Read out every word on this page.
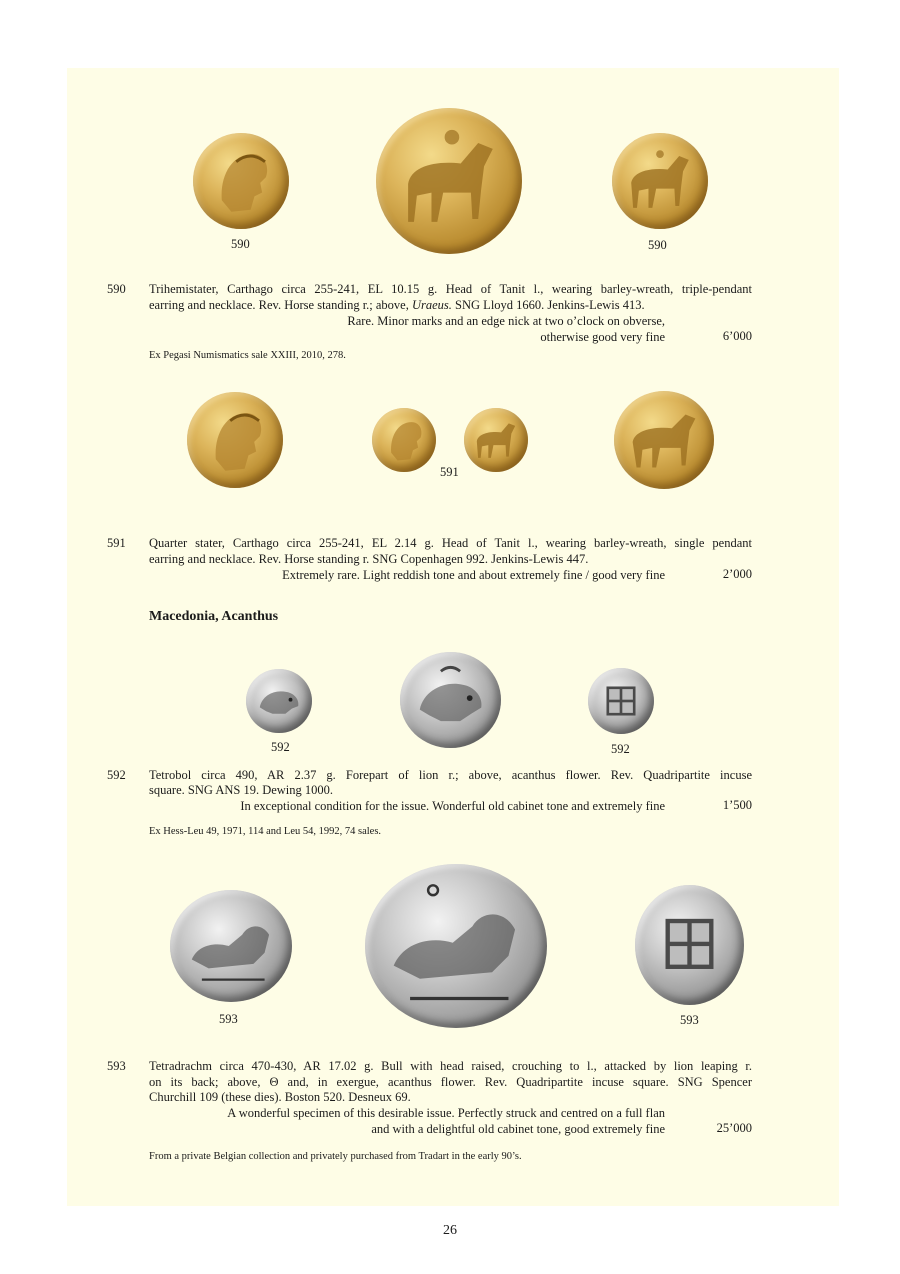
590	590
590 Trihemistater, Carthago circa 255-241, EL 10.15 g. Head of Tanit l., wearing barley-wreath, triple-pendant
earring and necklace. Rev. Horse standing r.; above, Uraeus. SNG Lloyd 1660. Jenkins-Lewis 413.
Rare. Minor marks and an edge nick at two o’clock on obverse,
otherwise good very fine	6’000
Ex Pegasi Numismatics sale XXIII, 2010, 278.
591
591 Quarter stater, Carthago circa 255-241, EL 2.14 g. Head of Tanit l., wearing barley-wreath, single pendant
earring and necklace. Rev. Horse standing r. SNG Copenhagen 992. Jenkins-Lewis 447.
Extremely rare. Light reddish tone and about extremely fine / good very fine	2’000
Macedonia, Acanthus
592	592
592 Tetrobol circa 490, AR 2.37 g. Forepart of lion r.; above, acanthus flower. Rev. Quadripartite incuse
square. SNG ANS 19. Dewing 1000.
In exceptional condition for the issue. Wonderful old cabinet tone and extremely fine	1’500
Ex Hess-Leu 49, 1971, 114 and Leu 54, 1992, 74 sales.
593	593
593 Tetradrachm circa 470-430, AR 17.02 g. Bull with head raised, crouching to l., attacked by lion leaping r.
on its back; above, Θ and, in exergue, acanthus flower. Rev. Quadripartite incuse square. SNG Spencer
Churchill 109 (these dies). Boston 520. Desneux 69.
A wonderful specimen of this desirable issue. Perfectly struck and centred on a full flan
and with a delightful old cabinet tone, good extremely fine	25’000
From a private Belgian collection and privately purchased from Tradart in the early 90’s.
26
